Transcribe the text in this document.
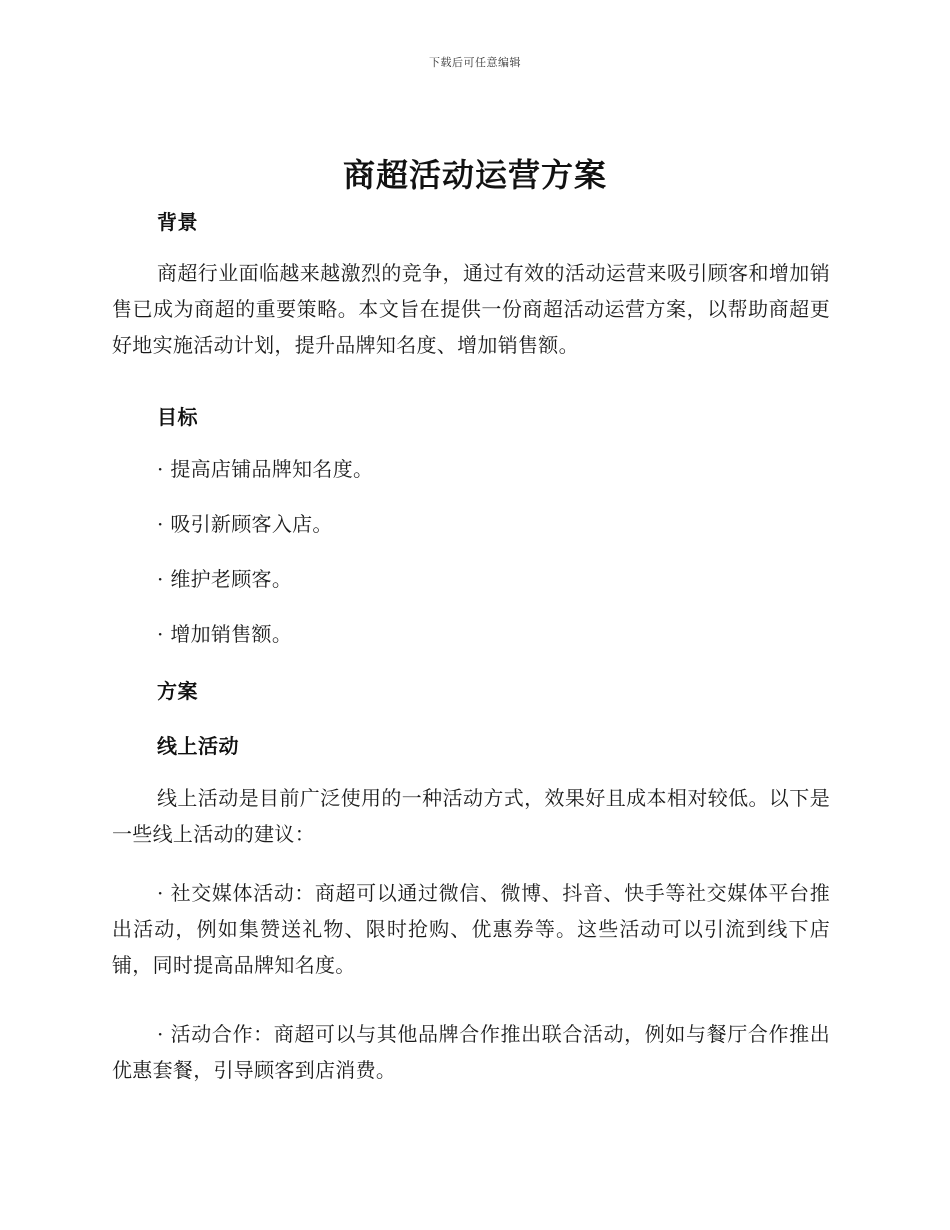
下载后可任意编辑
商超活动运营方案
背景
商超行业面临越来越激烈的竞争，通过有效的活动运营来吸引顾客和增加销售已成为商超的重要策略。本文旨在提供一份商超活动运营方案，以帮助商超更好地实施活动计划，提升品牌知名度、增加销售额。
目标
· 提高店铺品牌知名度。
· 吸引新顾客入店。
· 维护老顾客。
· 增加销售额。
方案
线上活动
线上活动是目前广泛使用的一种活动方式，效果好且成本相对较低。以下是一些线上活动的建议：
· 社交媒体活动：商超可以通过微信、微博、抖音、快手等社交媒体平台推出活动，例如集赞送礼物、限时抢购、优惠券等。这些活动可以引流到线下店铺，同时提高品牌知名度。
· 活动合作：商超可以与其他品牌合作推出联合活动，例如与餐厅合作推出优惠套餐，引导顾客到店消费。
